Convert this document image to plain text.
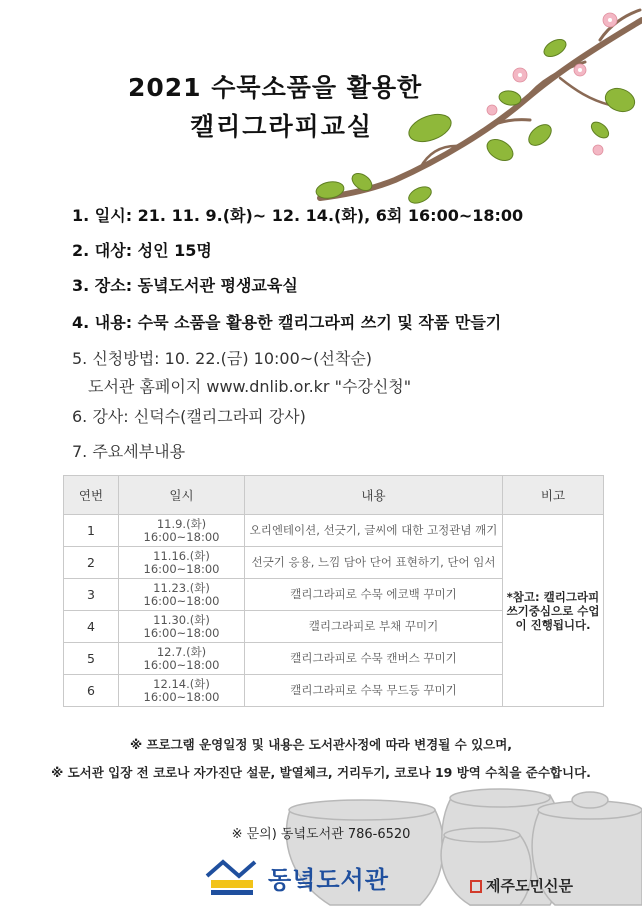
2021 수묵소품을 활용한
캘리그라피교실
1. 일시: 21. 11. 9.(화)~ 12. 14.(화), 6회 16:00~18:00
2. 대상: 성인 15명
3. 장소: 동녘도서관 평생교육실
4. 내용: 수묵 소품을 활용한 캘리그라피 쓰기 및 작품 만들기
5. 신청방법: 10. 22.(금) 10:00~(선착순)
도서관 홈페이지 www.dnlib.or.kr "수강신청"
6. 강사: 신덕수(캘리그라피 강사)
7. 주요세부내용
연번	일시	내용	비고
1	11.9.(화)
16:00~18:00	오리엔테이션, 선긋기, 글씨에 대한 고정관념 깨기	*참고: 캘리그라피쓰기중심으로 수업이 진행됩니다.
2	11.16.(화)
16:00~18:00	선긋기 응용, 느낌 담아 단어 표현하기, 단어 임서	
3	11.23.(화)
16:00~18:00	캘리그라피로 수묵 에코백 꾸미기	
4	11.30.(화)
16:00~18:00	캘리그라피로 부채 꾸미기	
5	12.7.(화)
16:00~18:00	캘리그라피로 수묵 캔버스 꾸미기	
6	12.14.(화)
16:00~18:00	캘리그라피로 수묵 무드등 꾸미기	
※ 프로그램 운영일정 및 내용은 도서관사정에 따라 변경될 수 있으며,
※ 도서관 입장 전 코로나 자가진단 설문, 발열체크, 거리두기, 코로나 19 방역 수칙을 준수합니다.
※ 문의) 동녘도서관 786-6520
동녘도서관	제주도민신문
